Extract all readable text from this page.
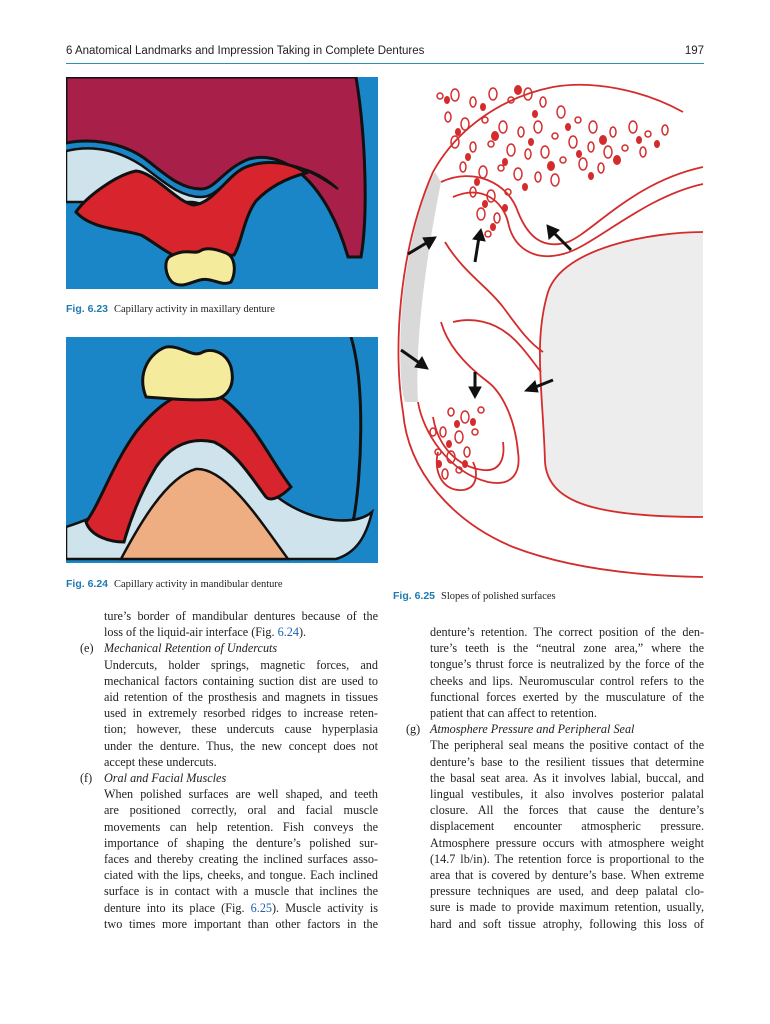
6 Anatomical Landmarks and Impression Taking in Complete Dentures	197
Fig. 6.23 Capillary activity in maxillary denture
Fig. 6.24 Capillary activity in mandibular denture
Fig. 6.25 Slopes of polished surfaces

ture’s border of mandibular dentures because of the

loss of the liquid-air interface (Fig. 6.24).

(e) Mechanical Retention of Undercuts

Undercuts, holder springs, magnetic forces, and

mechanical factors containing suction dist are used to

aid retention of the prosthesis and magnets in tissues

used in extremely resorbed ridges to increase reten-

tion; however, these undercuts cause hyperplasia

under the denture. Thus, the new concept does not

accept these undercuts.

(f) Oral and Facial Muscles

When polished surfaces are well shaped, and teeth

are positioned correctly, oral and facial muscle

movements can help retention. Fish conveys the

importance of shaping the denture’s polished sur-

faces and thereby creating the inclined surfaces asso-

ciated with the lips, cheeks, and tongue. Each inclined

surface is in contact with a muscle that inclines the

denture into its place (Fig. 6.25). Muscle activity is

two times more important than other factors in the

denture’s retention. The correct position of the den-

ture’s teeth is the “neutral zone area,” where the

tongue’s thrust force is neutralized by the force of the

cheeks and lips. Neuromuscular control refers to the

functional forces exerted by the musculature of the

patient that can affect to retention.

(g) Atmosphere Pressure and Peripheral Seal

The peripheral seal means the positive contact of the

denture’s base to the resilient tissues that determine

the basal seat area. As it involves labial, buccal, and

lingual vestibules, it also involves posterior palatal

closure. All the forces that cause the denture’s

displacement encounter atmospheric pressure.

Atmosphere pressure occurs with atmosphere weight

(14.7 lb/in). The retention force is proportional to the

area that is covered by denture’s base. When extreme

pressure techniques are used, and deep palatal clo-

sure is made to provide maximum retention, usually,

hard and soft tissue atrophy, following this loss of
